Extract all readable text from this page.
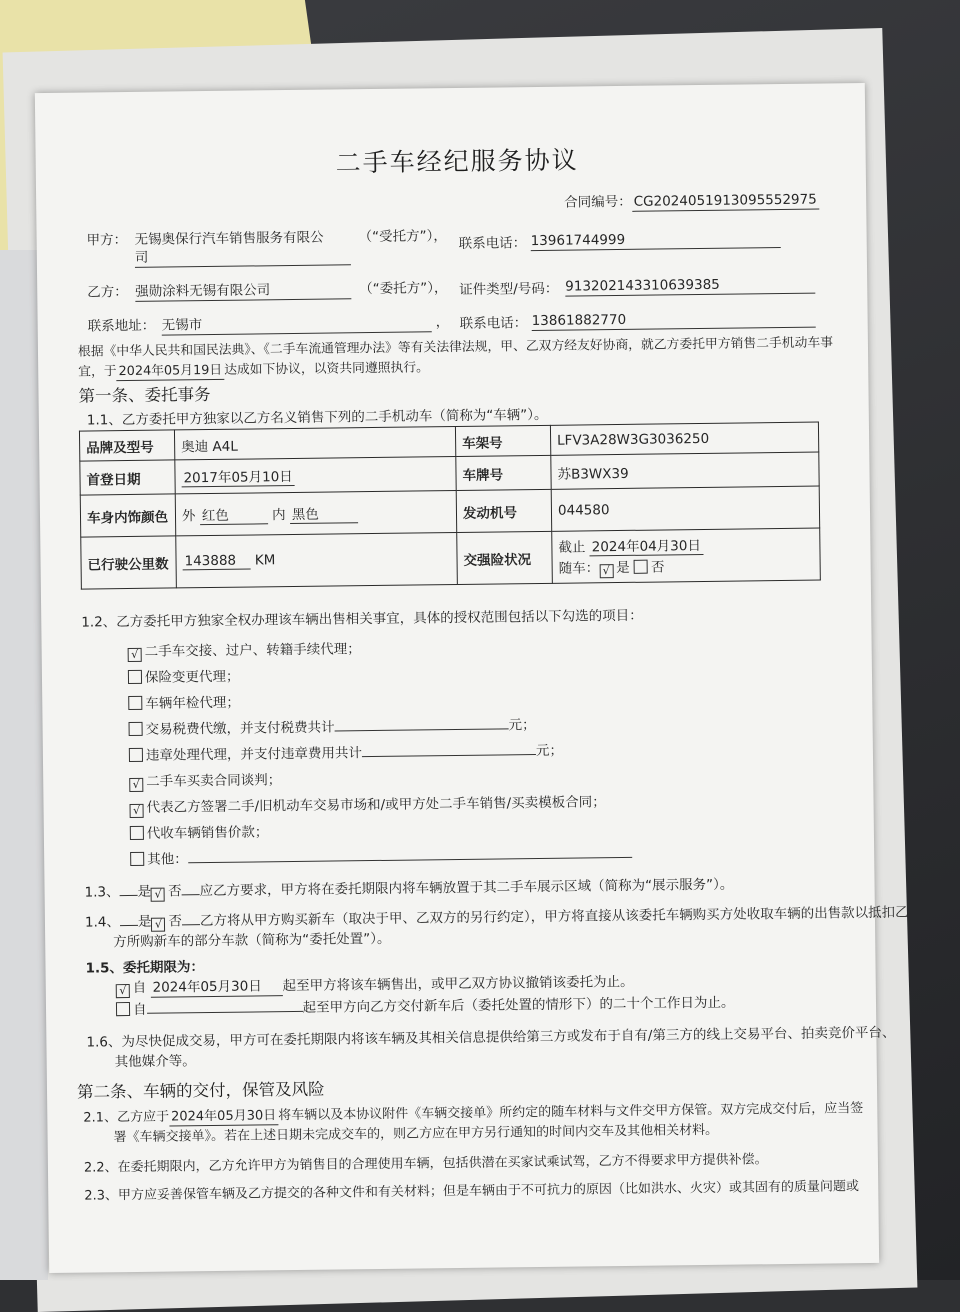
二手车经纪服务协议
合同编号： CG202405191309555297​5
甲方： 无锡奥保行汽车销售服务有限公
司
（“受托方”）， 联系电话： 13961744999
乙方： 强勋涂料无锡有限公司	（“委托方”）， 证件类型/号码： 913202143310639385
联系地址： 无锡市	， 联系电话： 13861882770
根据《中华人民共和国民法典》、《二手车流通管理办法》等有关法律法规，甲、乙双方经友好协商，就乙方委托甲方销售二手机动车事
宜，于 2024年05月19日 达成如下协议，以资共同遵照执行。
第一条、委托事务
1.1、乙方委托甲方独家以乙方名义销售下列的二手机动车（简称为“车辆”）。
品牌及型号	奥迪 A4L	车架号	LFV3A28W3G3036250
首登日期	2017年05月10日	车牌号	苏B3WX39
车身内饰颜色	外 红色 内 黑色	发动机号	044580
已行驶公里数	143888 KM	交强险状况	截止 2024年04月30日
随车： √ 是 否
1.2、乙方委托甲方独家全权办理该车辆出售相关事宜，具体的授权范围包括以下勾选的项目：
√ 二手车交接、过户、转籍手续代理；
保险变更代理；
车辆年检代理；
交易税费代缴，并支付税费共计	元；
违章处理代理，并支付违章费用共计	元；
√ 二手车买卖合同谈判；
√ 代表乙方签署二手/旧机动车交易市场和/或甲方处二手车销售/买卖模板合同；
代收车辆销售价款；
其他：
1.3、 是 √ 否 应乙方要求，甲方将在委托期限内将车辆放置于其二手车展示区域（简称为“展示服务”）。
1.4、 是 √ 否 乙方将从甲方购买新车（取决于甲、乙双方的另行约定），甲方将直接从该委托车辆购买方处收取车辆的出售款以抵扣乙
方所购新车的部分车款（简称为“委托处置”）。
1.5、委托期限为：
√ 自 2024年05月30日 起至甲方将该车辆售出，或甲乙双方协议撤销该委托为止。
自	起至甲方向乙方交付新车后（委托处置的情形下）的二十个工作日为止。
1.6、为尽快促成交易，甲方可在委托期限内将该车辆及其相关信息提供给第三方或发布于自有/第三方的线上交易平台、拍卖竞价平台、
其他媒介等。
第二条、车辆的交付，保管及风险
2.1、乙方应于 2024年05月30日 将车辆以及本协议附件《车辆交接单》所约定的随车材料与文件交甲方保管。双方完成交付后，应当签
署《车辆交接单》。若在上述日期未完成交车的，则乙方应在甲方另行通知的时间内交车及其他相关材料。
2.2、在委托期限内，乙方允许甲方为销售目的合理使用车辆，包括供潜在买家试乘试驾，乙方不得要求甲方提供补偿。
2.3、甲方应妥善保管车辆及乙方提交的各种文件和有关材料；但是车辆由于不可抗力的原因（比如洪水、火灾）或其固有的质量问题或
